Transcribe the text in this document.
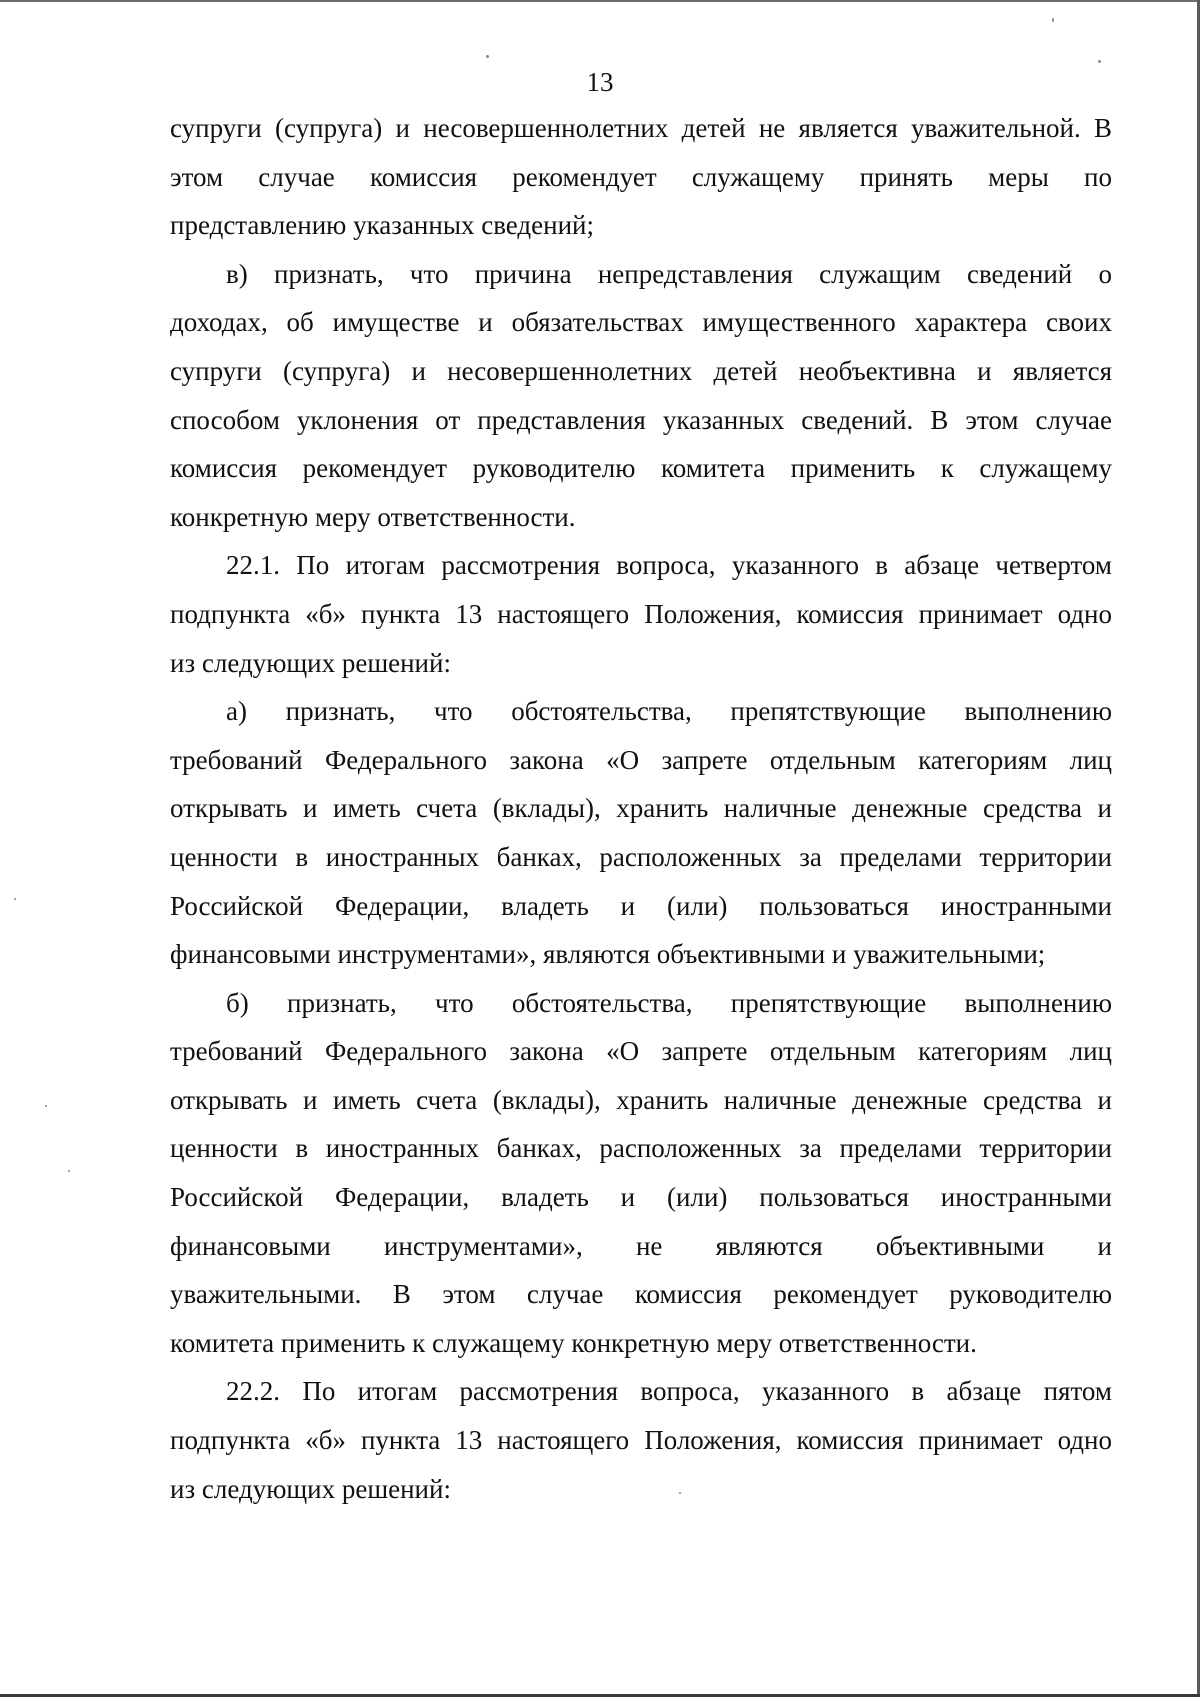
13
супруги (супруга) и несовершеннолетних детей не является уважительной. В
этом случае комиссия рекомендует служащему принять меры по
представлению указанных сведений;
в) признать, что причина непредставления служащим сведений о
доходах, об имуществе и обязательствах имущественного характера своих
супруги (супруга) и несовершеннолетних детей необъективна и является
способом уклонения от представления указанных сведений. В этом случае
комиссия рекомендует руководителю комитета применить к служащему
конкретную меру ответственности.
22.1. По итогам рассмотрения вопроса, указанного в абзаце четвертом
подпункта «б» пункта 13 настоящего Положения, комиссия принимает одно
из следующих решений:
а) признать, что обстоятельства, препятствующие выполнению
требований Федерального закона «О запрете отдельным категориям лиц
открывать и иметь счета (вклады), хранить наличные денежные средства и
ценности в иностранных банках, расположенных за пределами территории
Российской Федерации, владеть и (или) пользоваться иностранными
финансовыми инструментами», являются объективными и уважительными;
б) признать, что обстоятельства, препятствующие выполнению
требований Федерального закона «О запрете отдельным категориям лиц
открывать и иметь счета (вклады), хранить наличные денежные средства и
ценности в иностранных банках, расположенных за пределами территории
Российской Федерации, владеть и (или) пользоваться иностранными
финансовыми инструментами», не являются объективными и
уважительными. В этом случае комиссия рекомендует руководителю
комитета применить к служащему конкретную меру ответственности.
22.2. По итогам рассмотрения вопроса, указанного в абзаце пятом
подпункта «б» пункта 13 настоящего Положения, комиссия принимает одно
из следующих решений:
